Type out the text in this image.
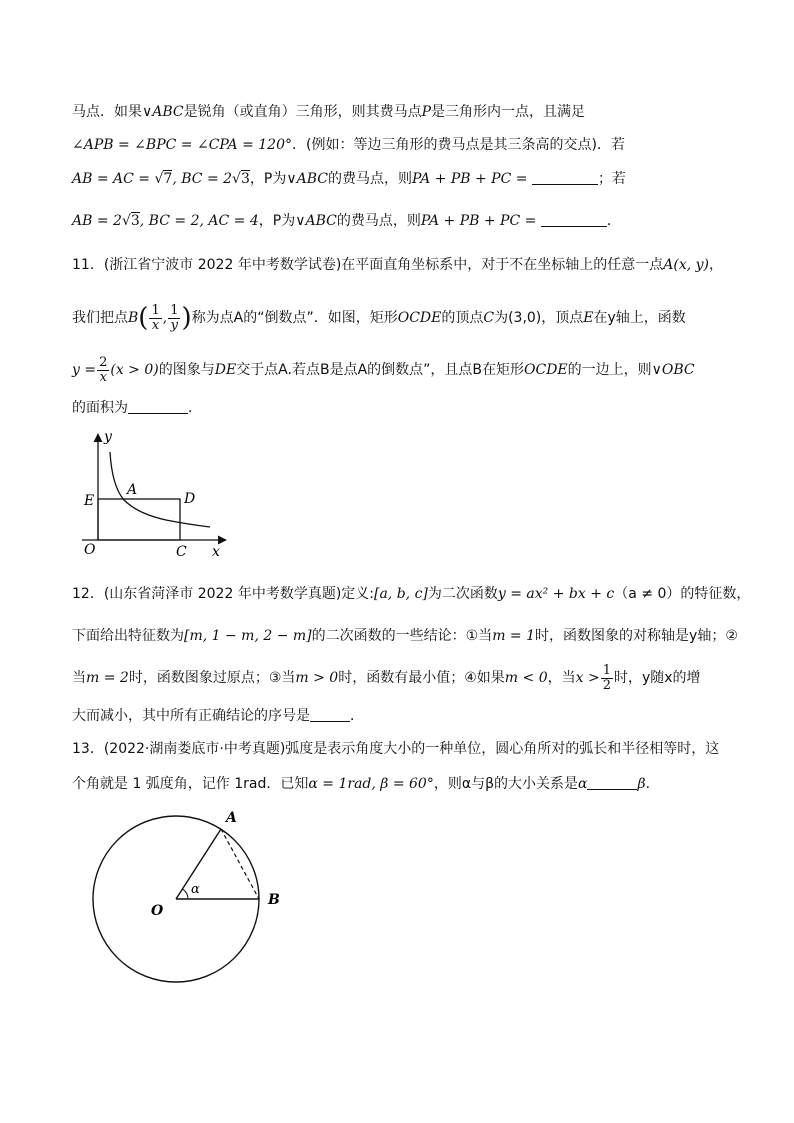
马点．如果∨ABC是锐角（或直角）三角形，则其费马点P是三角形内一点，且满足
∠APB = ∠BPC = ∠CPA = 120°．(例如：等边三角形的费马点是其三条高的交点)．若
AB = AC = √7, BC = 2√3，P为∨ABC的费马点，则PA + PB + PC =	；若
AB = 2√3, BC = 2, AC = 4，P为∨ABC的费马点，则PA + PB + PC =	．
11．(浙江省宁波市 2022 年中考数学试卷)在平面直角坐标系中，对于不在坐标轴上的任意一点A(x, y)，
我们把点$B( \frac{1}{x}$ , $\frac{1}{y}$ )称为点A的“倒数点”．如图，矩形OCDE的顶点C为(3,0)，顶点E在y轴上，函数
$y = \frac{2}{x} (x > 0)$的图象与DE交于点A.若点B是点A的倒数点”，且点B在矩形OCDE的一边上，则∨OBC
的面积为	．
y
x
E
A
D
O	C
12．(山东省菏泽市 2022 年中考数学真题)定义:[a, b, c]为二次函数y = ax² + bx + c（a ≠ 0）的特征数，
下面给出特征数为[m, 1 − m, 2 − m]的二次函数的一些结论：①当m = 1时，函数图象的对称轴是y轴；②
当m = 2时，函数图象过原点；③当m > 0时，函数有最小值；④如果m < 0，当$x > \frac{1}{2}$ 时，y随x的增
大而减小，其中所有正确结论的序号是	．
13．(2022·湖南娄底市·中考真题)弧度是表示角度大小的一种单位，圆心角所对的弧长和半径相等时，这
个角就是 1 弧度角，记作 1rad．已知α = 1rad, β = 60°，则α与β的大小关系是α	β．
A
O
B
α
